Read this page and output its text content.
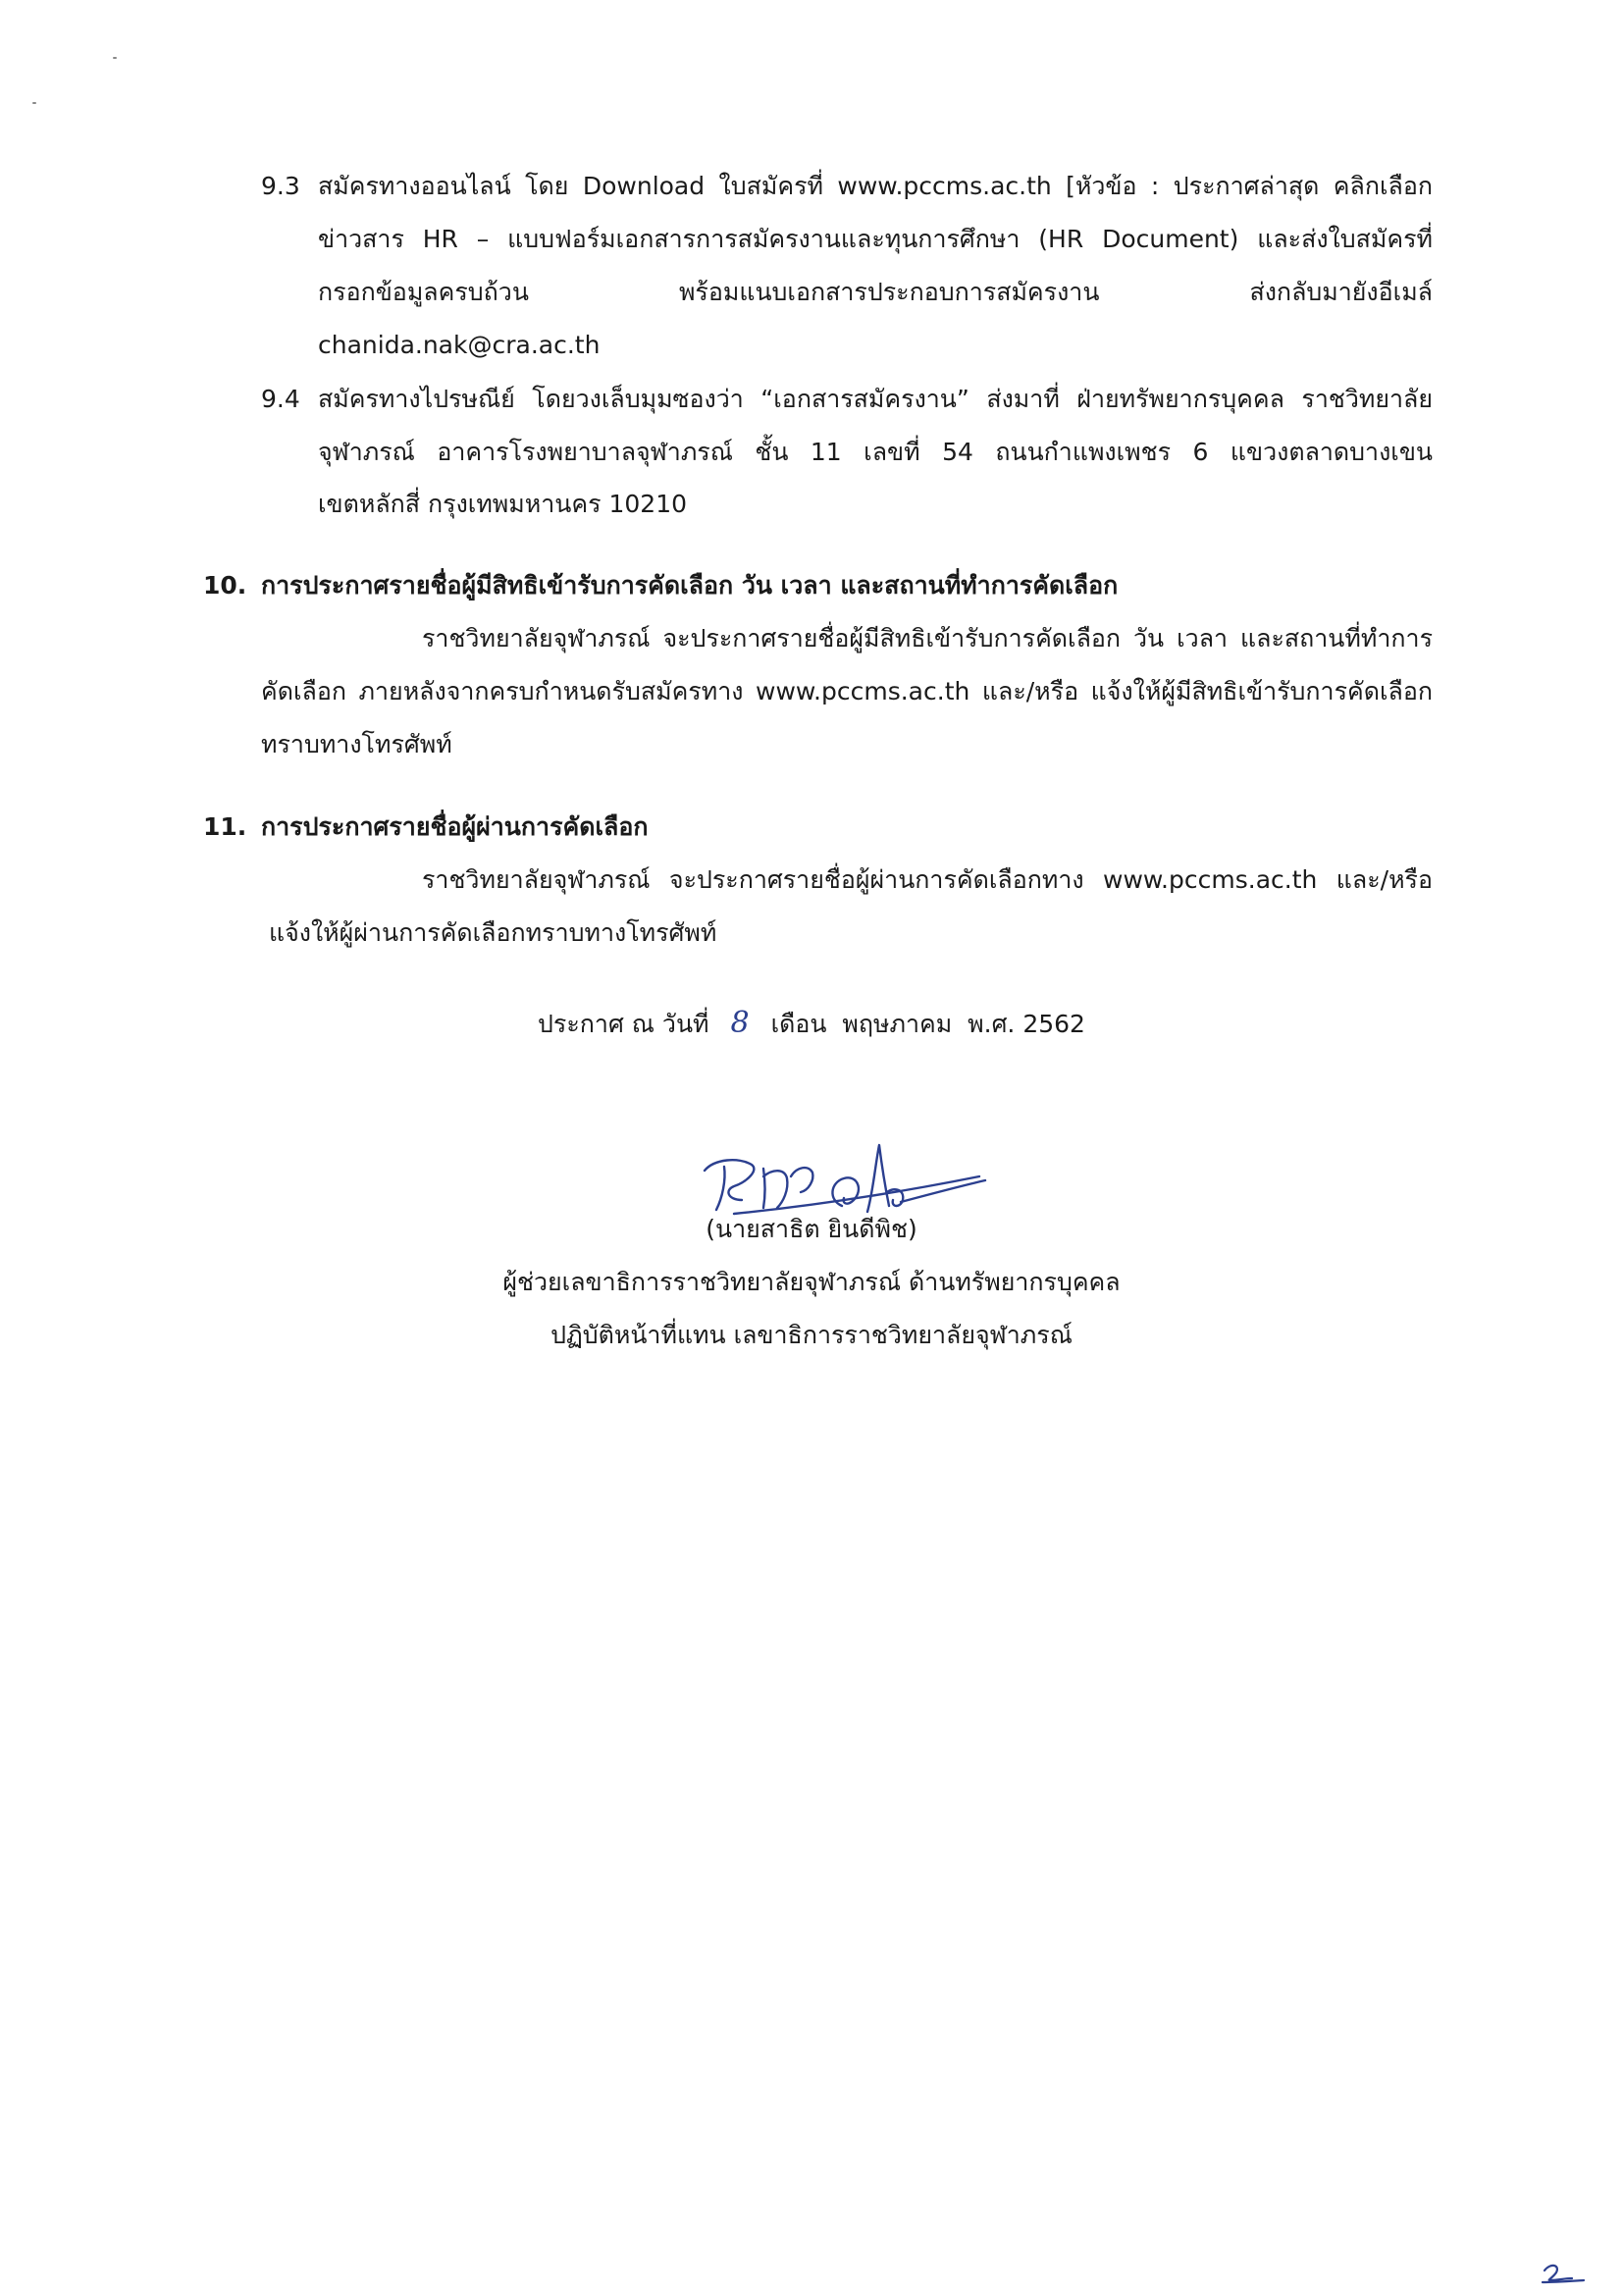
9.3 สมัครทางออนไลน์ โดย Download ใบสมัครที่ www.pccms.ac.th [หัวข้อ : ประกาศล่าสุด คลิกเลือก
ข่าวสาร HR – แบบฟอร์มเอกสารการสมัครงานและทุนการศึกษา (HR Document) และส่งใบสมัครที่
กรอกข้อมูลครบถ้วน พร้อมแนบเอกสารประกอบการสมัครงาน ส่งกลับมายังอีเมล์
chanida.nak@cra.ac.th
9.4 สมัครทางไปรษณีย์ โดยวงเล็บมุมซองว่า “เอกสารสมัครงาน” ส่งมาที่ ฝ่ายทรัพยากรบุคคล ราชวิทยาลัย
จุฬาภรณ์ อาคารโรงพยาบาลจุฬาภรณ์ ชั้น 11 เลขที่ 54 ถนนกำแพงเพชร 6 แขวงตลาดบางเขน
เขตหลักสี่ กรุงเทพมหานคร 10210
10. การประกาศรายชื่อผู้มีสิทธิเข้ารับการคัดเลือก วัน เวลา และสถานที่ทำการคัดเลือก
ราชวิทยาลัยจุฬาภรณ์ จะประกาศรายชื่อผู้มีสิทธิเข้ารับการคัดเลือก วัน เวลา และสถานที่ทำการ
คัดเลือก ภายหลังจากครบกำหนดรับสมัครทาง www.pccms.ac.th และ/หรือ แจ้งให้ผู้มีสิทธิเข้ารับการคัดเลือก
ทราบทางโทรศัพท์
11. การประกาศรายชื่อผู้ผ่านการคัดเลือก
ราชวิทยาลัยจุฬาภรณ์ จะประกาศรายชื่อผู้ผ่านการคัดเลือกทาง www.pccms.ac.th และ/หรือ
แจ้งให้ผู้ผ่านการคัดเลือกทราบทางโทรศัพท์
ประกาศ ณ วันที่ 8 เดือน พฤษภาคม พ.ศ. 2562
(นายสาธิต ยินดีพิช)
ผู้ช่วยเลขาธิการราชวิทยาลัยจุฬาภรณ์ ด้านทรัพยากรบุคคล
ปฏิบัติหน้าที่แทน เลขาธิการราชวิทยาลัยจุฬาภรณ์
